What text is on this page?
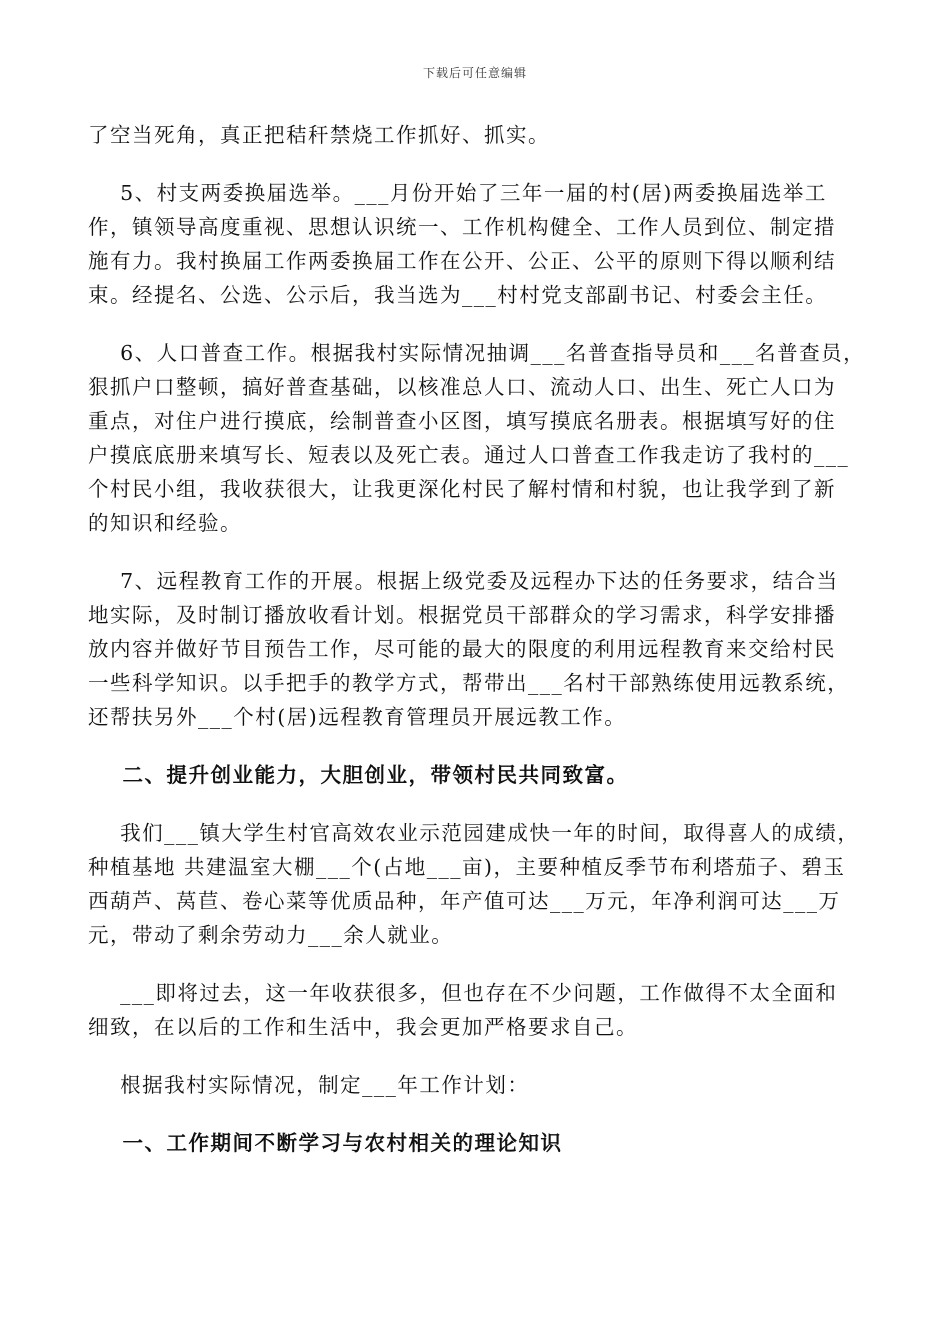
下载后可任意编辑
了空当死角，真正把秸秆禁烧工作抓好、抓实。
5、村支两委换届选举。___月份开始了三年一届的村(居)两委换届选举工
作，镇领导高度重视、思想认识统一、工作机构健全、工作人员到位、制定措
施有力。我村换届工作两委换届工作在公开、公正、公平的原则下得以顺利结
束。经提名、公选、公示后，我当选为___村村党支部副书记、村委会主任。
6、人口普查工作。根据我村实际情况抽调___名普查指导员和___名普查员，
狠抓户口整顿，搞好普查基础，以核准总人口、流动人口、出生、死亡人口为
重点，对住户进行摸底，绘制普查小区图，填写摸底名册表。根据填写好的住
户摸底底册来填写长、短表以及死亡表。通过人口普查工作我走访了我村的___
个村民小组，我收获很大，让我更深化村民了解村情和村貌，也让我学到了新
的知识和经验。
7、远程教育工作的开展。根据上级党委及远程办下达的任务要求，结合当
地实际，及时制订播放收看计划。根据党员干部群众的学习需求，科学安排播
放内容并做好节目预告工作，尽可能的最大的限度的利用远程教育来交给村民
一些科学知识。以手把手的教学方式，帮带出___名村干部熟练使用远教系统，
还帮扶另外___个村(居)远程教育管理员开展远教工作。
二、提升创业能力，大胆创业，带领村民共同致富。
我们___镇大学生村官高效农业示范园建成快一年的时间，取得喜人的成绩，
种植基地 共建温室大棚___个(占地___亩)，主要种植反季节布利塔茄子、碧玉
西葫芦、莴苣、卷心菜等优质品种，年产值可达___万元，年净利润可达___万
元，带动了剩余劳动力___余人就业。
___即将过去，这一年收获很多，但也存在不少问题，工作做得不太全面和
细致，在以后的工作和生活中，我会更加严格要求自己。
根据我村实际情况，制定___年工作计划：
一、工作期间不断学习与农村相关的理论知识
